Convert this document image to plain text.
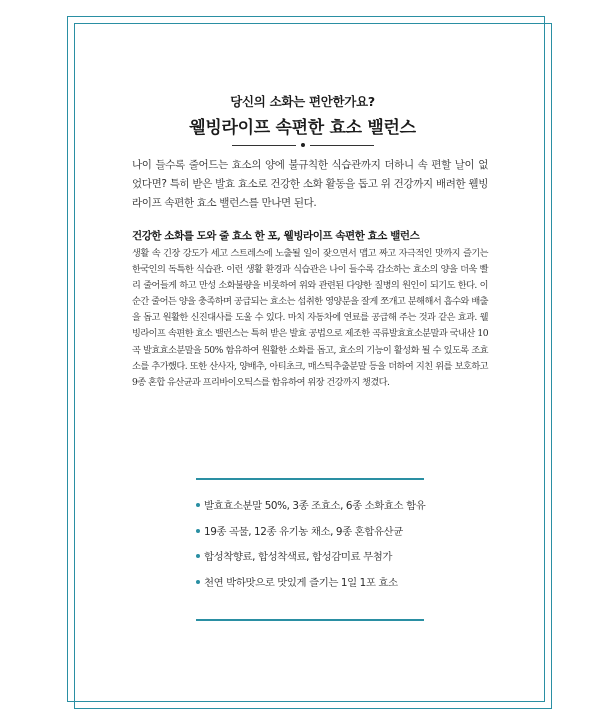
당신의 소화는 편안한가요?
웰빙라이프 속편한 효소 밸런스

나이 들수록 줄어드는 효소의 양에 불규칙한 식습관까지 더하니 속 편할 날이 없었다면? 특히 받은 발효 효소로 건강한 소화 활동을 돕고 위 건강까지 배려한 웰빙라이프 속편한 효소 밸런스를 만나면 된다.

건강한 소화를 도와 줄 효소 한 포, 웰빙라이프 속편한 효소 밸런스

생활 속 긴장 강도가 세고 스트레스에 노출될 일이 잦으면서 맵고 짜고 자극적인 맛까지 즐기는 한국인의 독특한 식습관. 이런 생활 환경과 식습관은 나이 들수록 감소하는 효소의 양을 더욱 빨리 줄어들게 하고 만성 소화불량을 비롯하여 위와 관련된 다양한 질병의 원인이 되기도 한다. 이 순간 줄어든 양을 충족하며 공급되는 효소는 섭취한 영양분을 잘게 쪼개고 분해해서 흡수와 배출을 돕고 원활한 신진대사를 도울 수 있다. 마치 자동차에 연료를 공급해 주는 것과 같은 효과. 웰빙라이프 속편한 효소 밸런스는 특허 받은 발효 공법으로 제조한 곡류발효효소분말과 국내산 10곡 발효효소분말을 50% 함유하여 원활한 소화를 돕고, 효소의 기능이 활성화 될 수 있도록 조효소를 추가했다. 또한 산사자, 양배추, 아티초크, 매스틱추출분말 등을 더하여 지친 위를 보호하고 9종 혼합 유산균과 프리바이오틱스를 함유하여 위장 건강까지 챙겼다.

발효효소분말 50%, 3종 조효소, 6종 소화효소 함유
19종 곡물, 12종 유기농 채소, 9종 혼합유산균
합성착향료, 합성착색료, 합성감미료 무첨가
천연 박하맛으로 맛있게 즐기는 1일 1포 효소
